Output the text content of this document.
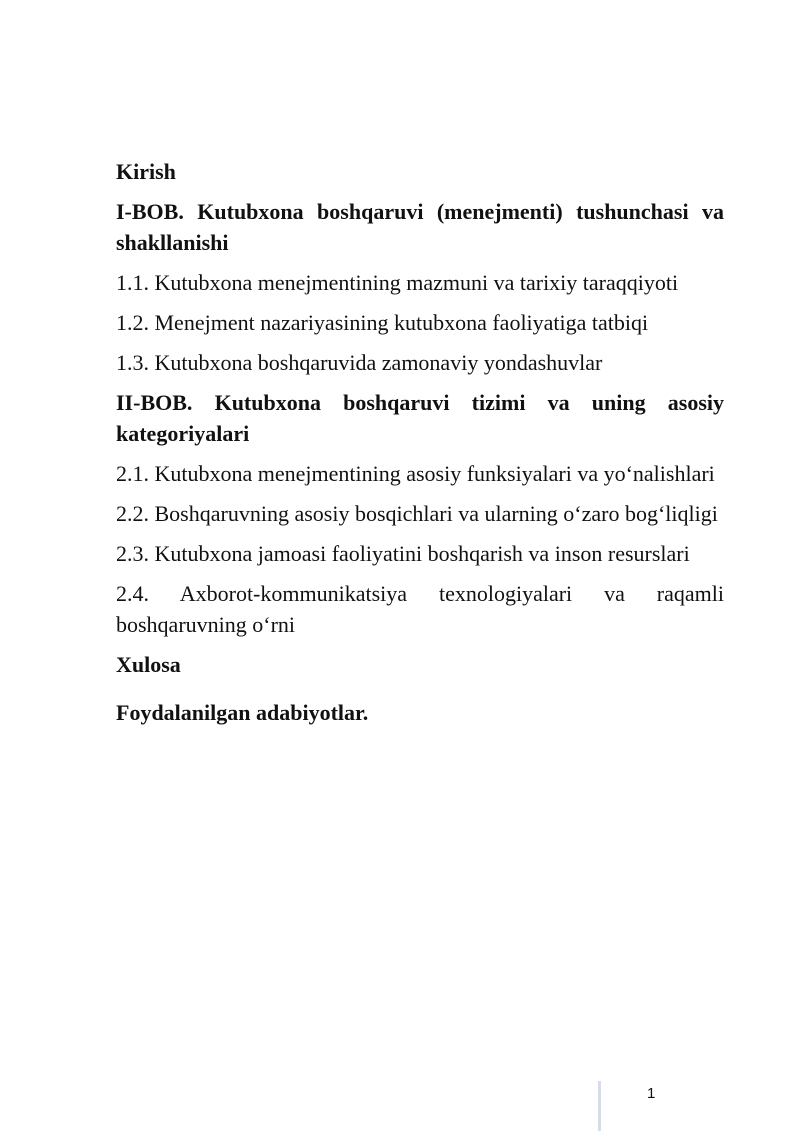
Kirish

I-BOB. Kutubxona boshqaruvi (menejmenti) tushunchasi va shakllanishi

1.1. Kutubxona menejmentining mazmuni va tarixiy taraqqiyoti

1.2. Menejment nazariyasining kutubxona faoliyatiga tatbiqi

1.3. Kutubxona boshqaruvida zamonaviy yondashuvlar

II-BOB. Kutubxona boshqaruvi tizimi va uning asosiy kategoriyalari

2.1. Kutubxona menejmentining asosiy funksiyalari va yo‘nalishlari

2.2. Boshqaruvning asosiy bosqichlari va ularning o‘zaro bog‘liqligi

2.3. Kutubxona jamoasi faoliyatini boshqarish va inson resurslari

2.4. Axborot-kommunikatsiya texnologiyalari va raqamli boshqaruvning o‘rni

Xulosa

Foydalanilgan adabiyotlar.

1
